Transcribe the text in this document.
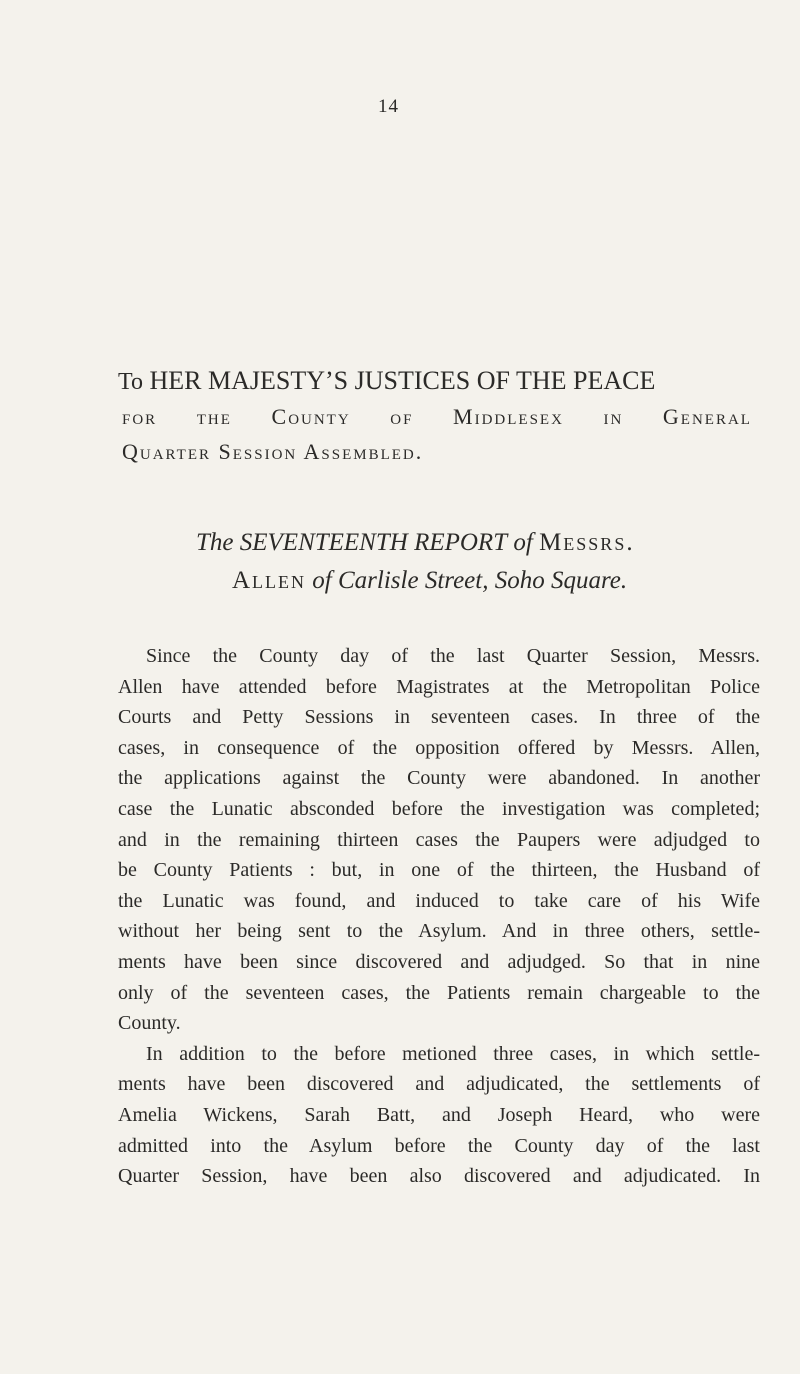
14
To HER MAJESTY’S JUSTICES OF THE PEACE
for the County of Middlesex in General
Quarter Session Assembled.
The SEVENTEENTH REPORT of Messrs.
Allen of Carlisle Street, Soho Square.
Since the County day of the last Quarter Session, Messrs.
Allen have attended before Magistrates at the Metropolitan Police
Courts and Petty Sessions in seventeen cases. In three of the
cases, in consequence of the opposition offered by Messrs. Allen,
the applications against the County were abandoned. In another
case the Lunatic absconded before the investigation was completed;
and in the remaining thirteen cases the Paupers were adjudged to
be County Patients : but, in one of the thirteen, the Husband of
the Lunatic was found, and induced to take care of his Wife
without her being sent to the Asylum. And in three others, settle-
ments have been since discovered and adjudged. So that in nine
only of the seventeen cases, the Patients remain chargeable to the
County.
In addition to the before metioned three cases, in which settle-
ments have been discovered and adjudicated, the settlements of
Amelia Wickens, Sarah Batt, and Joseph Heard, who were
admitted into the Asylum before the County day of the last
Quarter Session, have been also discovered and adjudicated. In
